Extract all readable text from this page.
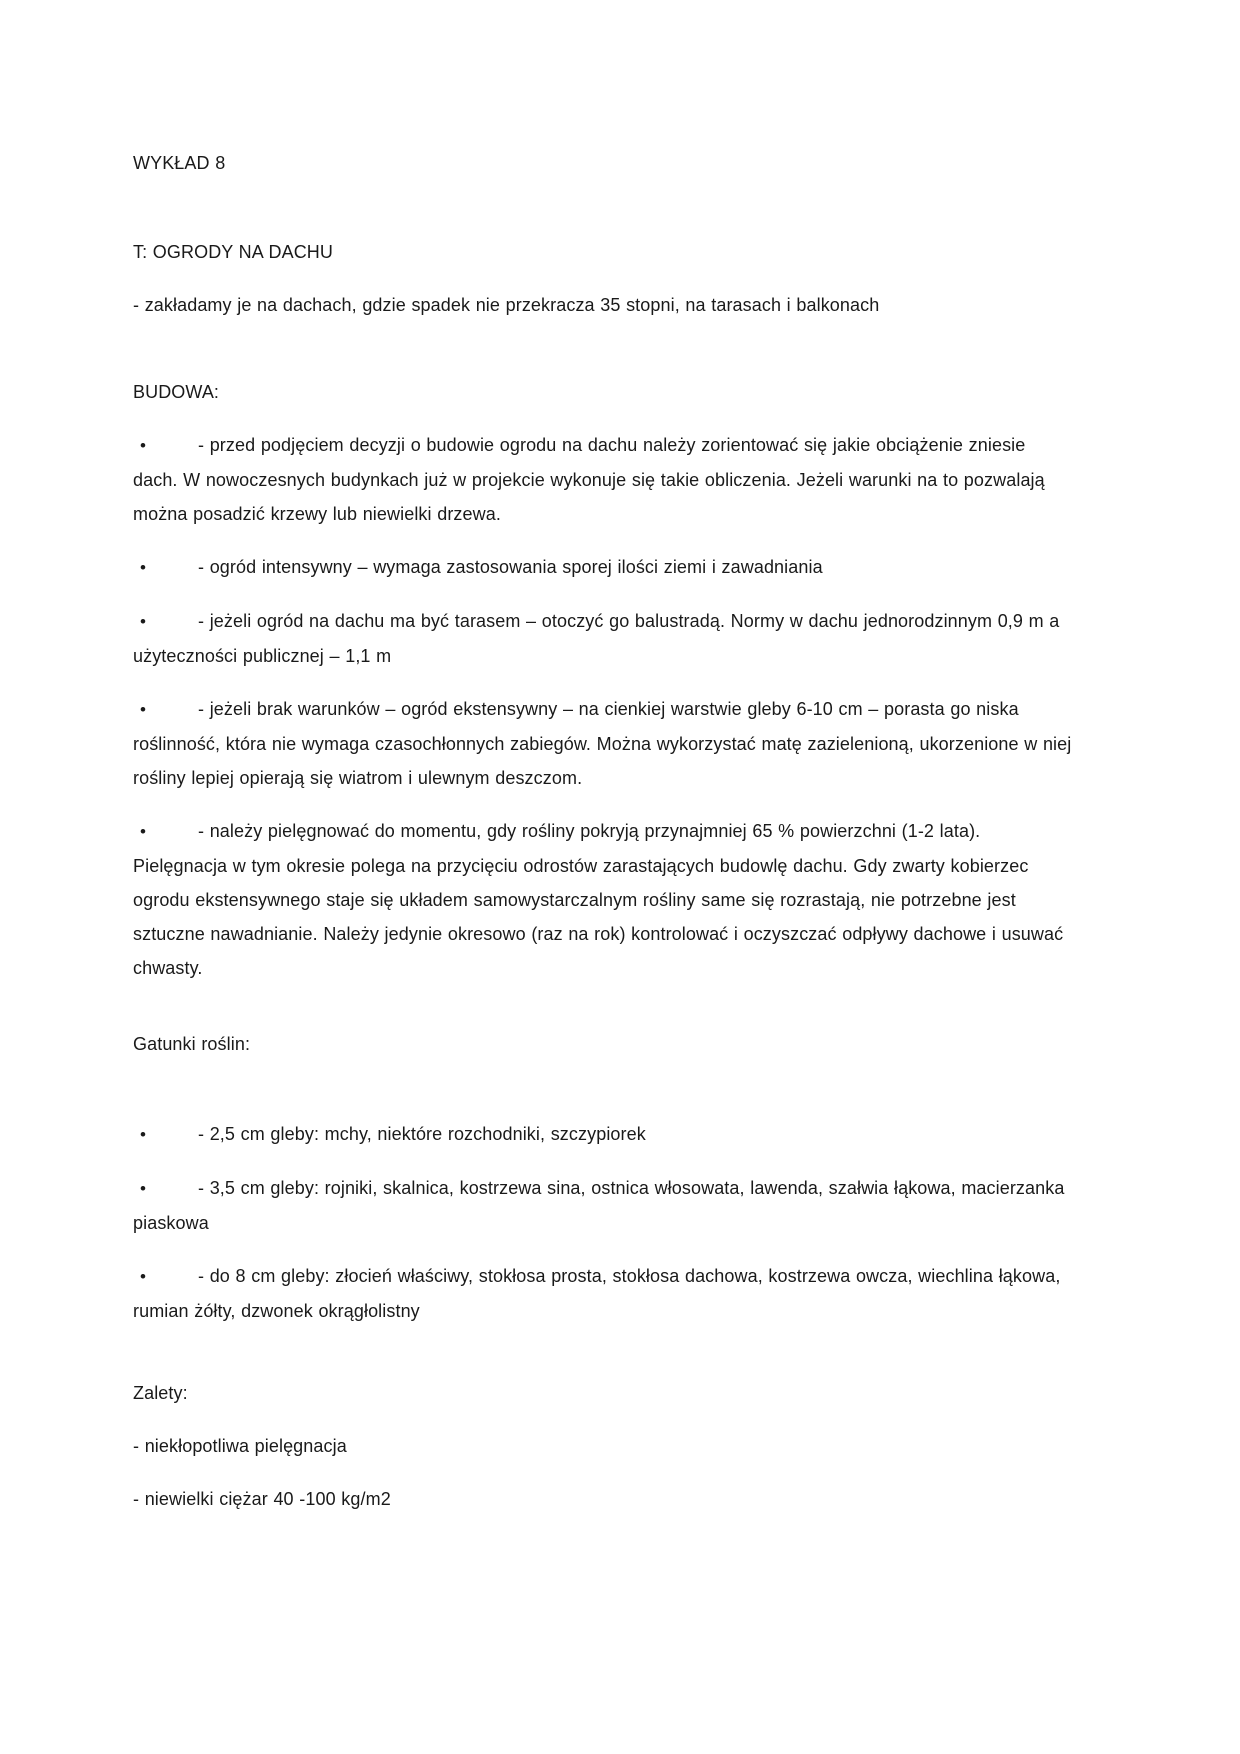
WYKŁAD 8

T: OGRODY NA DACHU

- zakładamy je na dachach, gdzie spadek nie przekracza 35 stopni, na tarasach i balkonach

BUDOWA:

•	- przed podjęciem decyzji o budowie ogrodu na dachu należy zorientować się jakie obciążenie zniesie dach. W nowoczesnych budynkach już w projekcie wykonuje się takie obliczenia. Jeżeli warunki na to pozwalają można posadzić krzewy lub niewielki drzewa.

•	- ogród intensywny – wymaga zastosowania sporej ilości ziemi i zawadniania

•	- jeżeli ogród na dachu ma być tarasem – otoczyć go balustradą. Normy w dachu jednorodzinnym 0,9 m a użyteczności publicznej – 1,1 m

•	- jeżeli brak warunków – ogród ekstensywny – na cienkiej warstwie gleby 6-10 cm – porasta go niska roślinność, która nie wymaga czasochłonnych zabiegów. Można wykorzystać matę zazielenioną, ukorzenione w niej rośliny lepiej opierają się wiatrom i ulewnym deszczom.

•	- należy pielęgnować do momentu, gdy rośliny pokryją przynajmniej 65 % powierzchni (1-2 lata). Pielęgnacja w tym okresie polega na przycięciu odrostów zarastających budowlę dachu. Gdy zwarty kobierzec ogrodu ekstensywnego staje się układem samowystarczalnym rośliny same się rozrastają, nie potrzebne jest sztuczne nawadnianie. Należy jedynie okresowo (raz na rok) kontrolować i oczyszczać odpływy dachowe i usuwać chwasty.

Gatunki roślin:

•	- 2,5 cm gleby: mchy, niektóre rozchodniki, szczypiorek

•	- 3,5 cm gleby: rojniki, skalnica, kostrzewa sina, ostnica włosowata, lawenda, szałwia łąkowa, macierzanka piaskowa

•	- do 8 cm gleby: złocień właściwy, stokłosa prosta, stokłosa dachowa, kostrzewa owcza, wiechlina łąkowa, rumian żółty, dzwonek okrągłolistny

Zalety:

- niekłopotliwa pielęgnacja

- niewielki ciężar 40 -100 kg/m2
